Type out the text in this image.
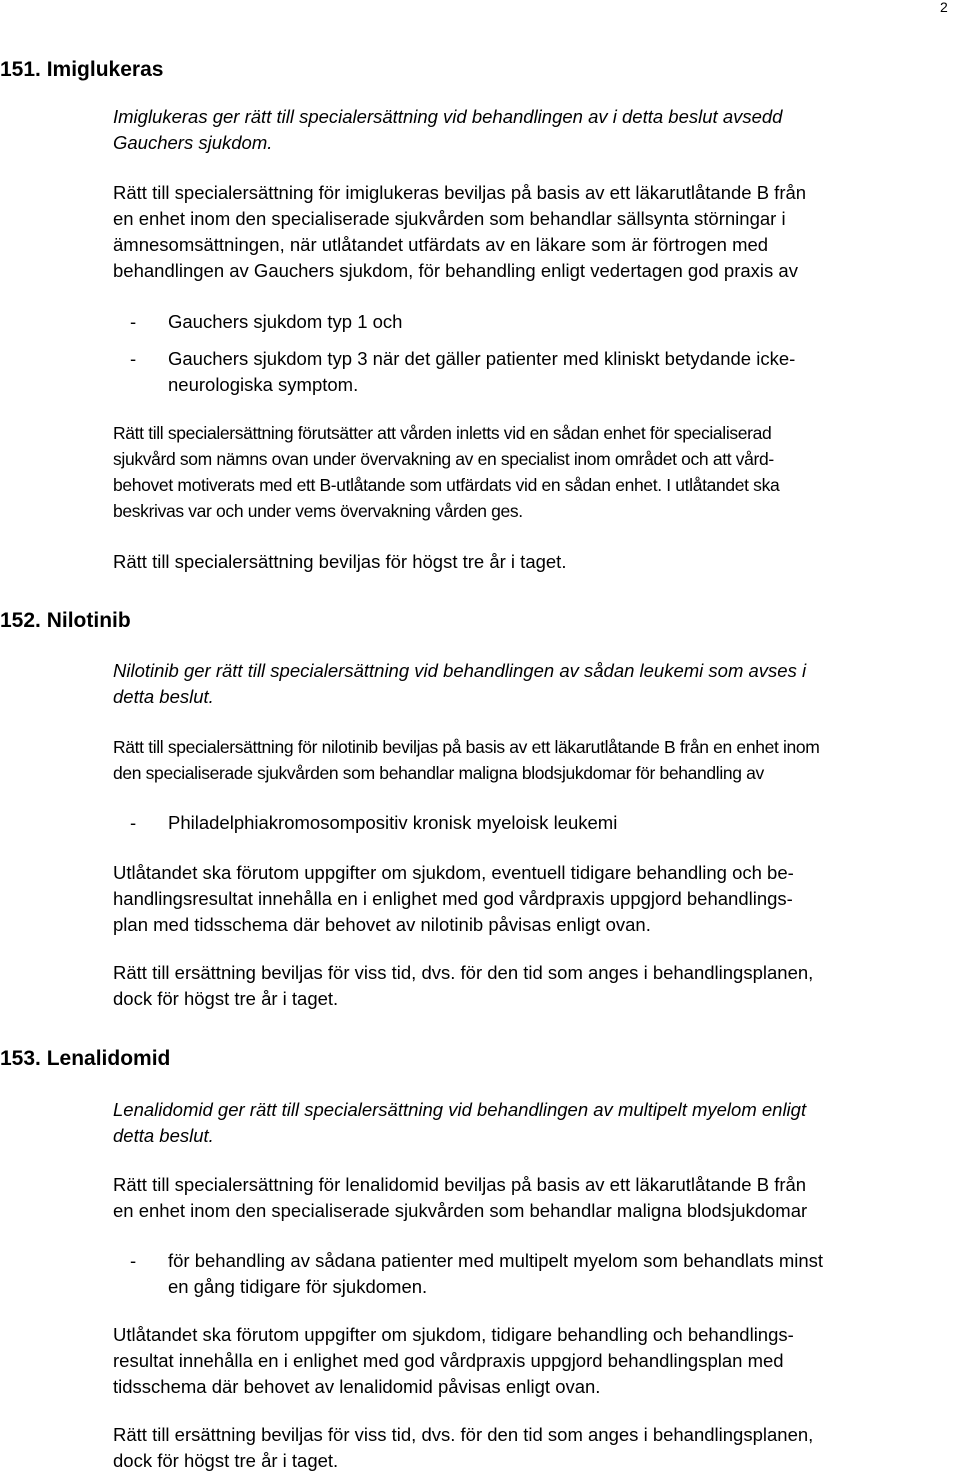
2
151. Imiglukeras
Imiglukeras ger rätt till specialersättning vid behandlingen av i detta beslut avsedd
Gauchers sjukdom.
Rätt till specialersättning för imiglukeras beviljas på basis av ett läkarutlåtande B från
en enhet inom den specialiserade sjukvården som behandlar sällsynta störningar i
ämnesomsättningen, när utlåtandet utfärdats av en läkare som är förtrogen med
behandlingen av Gauchers sjukdom, för behandling enligt vedertagen god praxis av
- Gauchers sjukdom typ 1 och
- Gauchers sjukdom typ 3 när det gäller patienter med kliniskt betydande icke-
neurologiska symptom.
Rätt till specialersättning förutsätter att vården inletts vid en sådan enhet för specialiserad
sjukvård som nämns ovan under övervakning av en specialist inom området och att vård-
behovet motiverats med ett B-utlåtande som utfärdats vid en sådan enhet. I utlåtandet ska
beskrivas var och under vems övervakning vården ges.
Rätt till specialersättning beviljas för högst tre år i taget.
152. Nilotinib
Nilotinib ger rätt till specialersättning vid behandlingen av sådan leukemi som avses i
detta beslut.
Rätt till specialersättning för nilotinib beviljas på basis av ett läkarutlåtande B från en enhet inom
den specialiserade sjukvården som behandlar maligna blodsjukdomar för behandling av
- Philadelphiakromosompositiv kronisk myeloisk leukemi
Utlåtandet ska förutom uppgifter om sjukdom, eventuell tidigare behandling och be-
handlingsresultat innehålla en i enlighet med god vårdpraxis uppgjord behandlings-
plan med tidsschema där behovet av nilotinib påvisas enligt ovan.
Rätt till ersättning beviljas för viss tid, dvs. för den tid som anges i behandlingsplanen,
dock för högst tre år i taget.
153. Lenalidomid
Lenalidomid ger rätt till specialersättning vid behandlingen av multipelt myelom enligt
detta beslut.
Rätt till specialersättning för lenalidomid beviljas på basis av ett läkarutlåtande B från
en enhet inom den specialiserade sjukvården som behandlar maligna blodsjukdomar
- för behandling av sådana patienter med multipelt myelom som behandlats minst
en gång tidigare för sjukdomen.
Utlåtandet ska förutom uppgifter om sjukdom, tidigare behandling och behandlings-
resultat innehålla en i enlighet med god vårdpraxis uppgjord behandlingsplan med
tidsschema där behovet av lenalidomid påvisas enligt ovan.
Rätt till ersättning beviljas för viss tid, dvs. för den tid som anges i behandlingsplanen,
dock för högst tre år i taget.
